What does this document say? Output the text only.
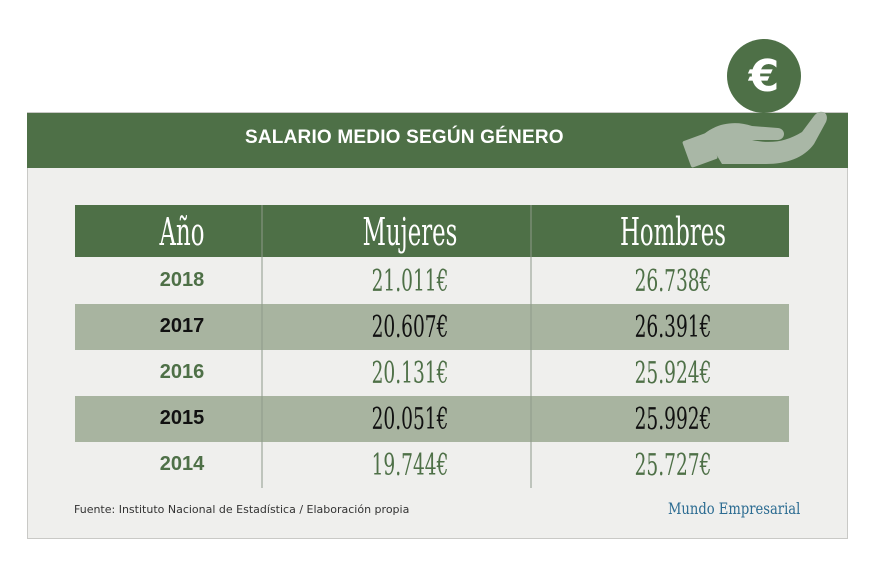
SALARIO MEDIO SEGÚN GÉNERO
€
Año	Mujeres	Hombres
2018	21.011€	26.738€
2017	20.607€	26.391€
2016	20.131€	25.924€
2015	20.051€	25.992€
2014	19.744€	25.727€
Fuente: Instituto Nacional de Estadística / Elaboración propia	Mundo Empresarial
